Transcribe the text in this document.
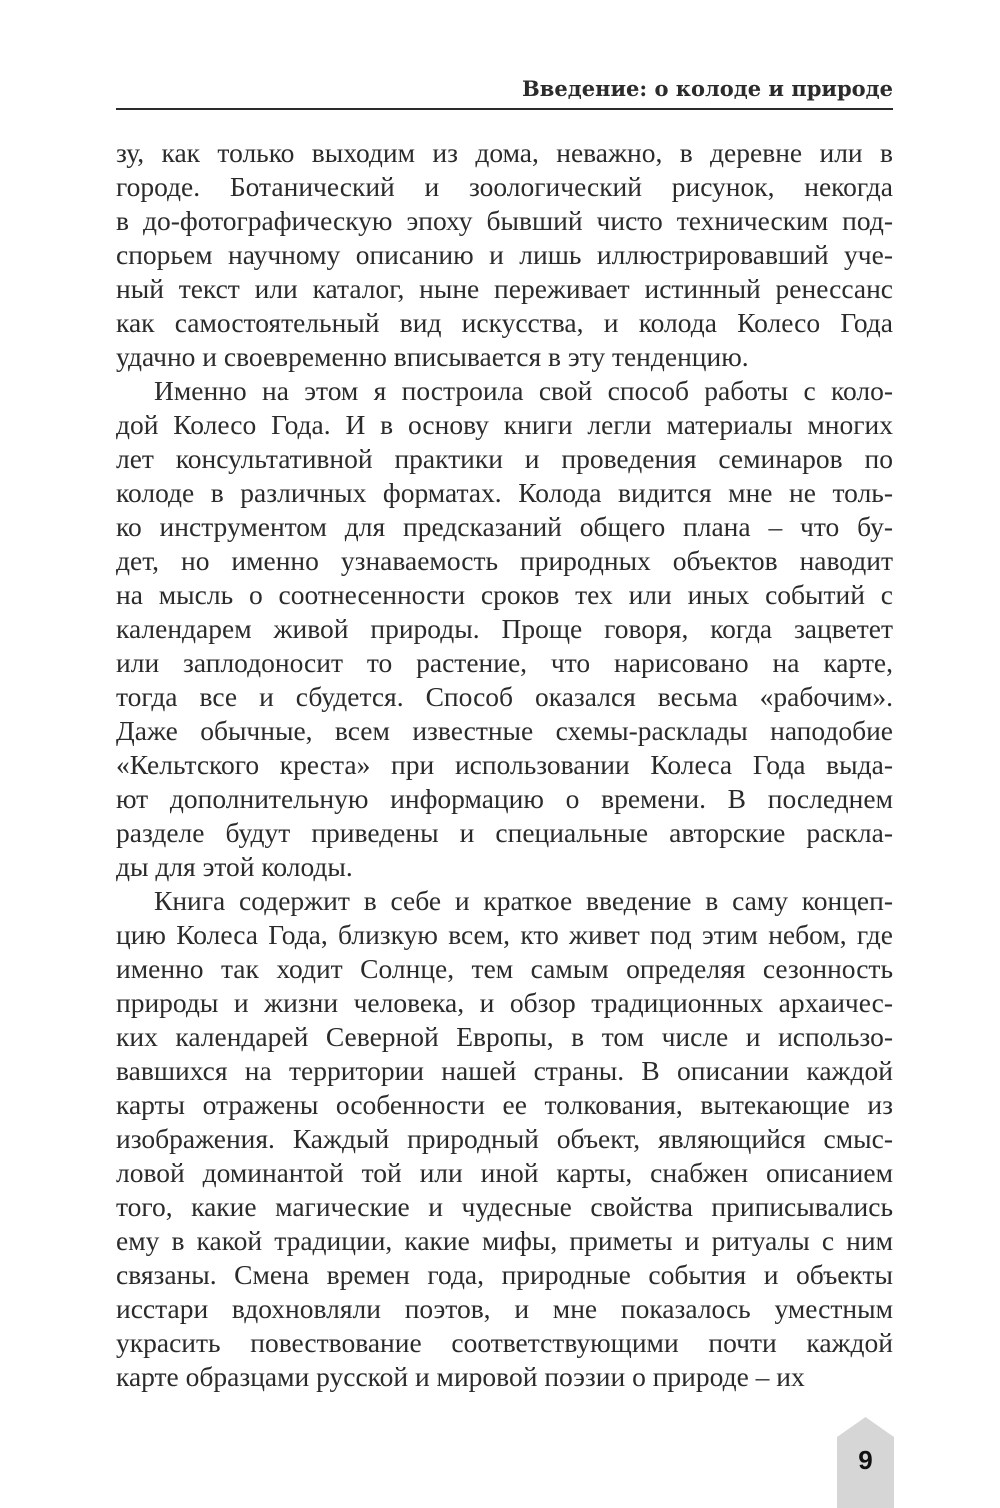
Введение: о колоде и природе

зу, как только выходим из дома, неважно, в деревне или в
городе. Ботанический и зоологический рисунок, некогда
в до-фотографическую эпоху бывший чисто техническим под-
спорьем научному описанию и лишь иллюстрировавший уче-
ный текст или каталог, ныне переживает истинный ренессанс
как самостоятельный вид искусства, и колода Колесо Года
удачно и своевременно вписывается в эту тенденцию.

Именно на этом я построила свой способ работы с коло-
дой Колесо Года. И в основу книги легли материалы многих
лет консультативной практики и проведения семинаров по
колоде в различных форматах. Колода видится мне не толь-
ко инструментом для предсказаний общего плана – что бу-
дет, но именно узнаваемость природных объектов наводит
на мысль о соотнесенности сроков тех или иных событий с
календарем живой природы. Проще говоря, когда зацветет
или заплодоносит то растение, что нарисовано на карте,
тогда все и сбудется. Способ оказался весьма «рабочим».
Даже обычные, всем известные схемы-расклады наподобие
«Кельтского креста» при использовании Колеса Года выда-
ют дополнительную информацию о времени. В последнем
разделе будут приведены и специальные авторские раскла-
ды для этой колоды.

Книга содержит в себе и краткое введение в саму концеп-
цию Колеса Года, близкую всем, кто живет под этим небом, где
именно так ходит Солнце, тем самым определяя сезонность
природы и жизни человека, и обзор традиционных архаичес-
ких календарей Северной Европы, в том числе и использо-
вавшихся на территории нашей страны. В описании каждой
карты отражены особенности ее толкования, вытекающие из
изображения. Каждый природный объект, являющийся смыс-
ловой доминантой той или иной карты, снабжен описанием
того, какие магические и чудесные свойства приписывались
ему в какой традиции, какие мифы, приметы и ритуалы с ним
связаны. Смена времен года, природные события и объекты
исстари вдохновляли поэтов, и мне показалось уместным
украсить повествование соответствующими почти каждой
карте образцами русской и мировой поэзии о природе – их

9
